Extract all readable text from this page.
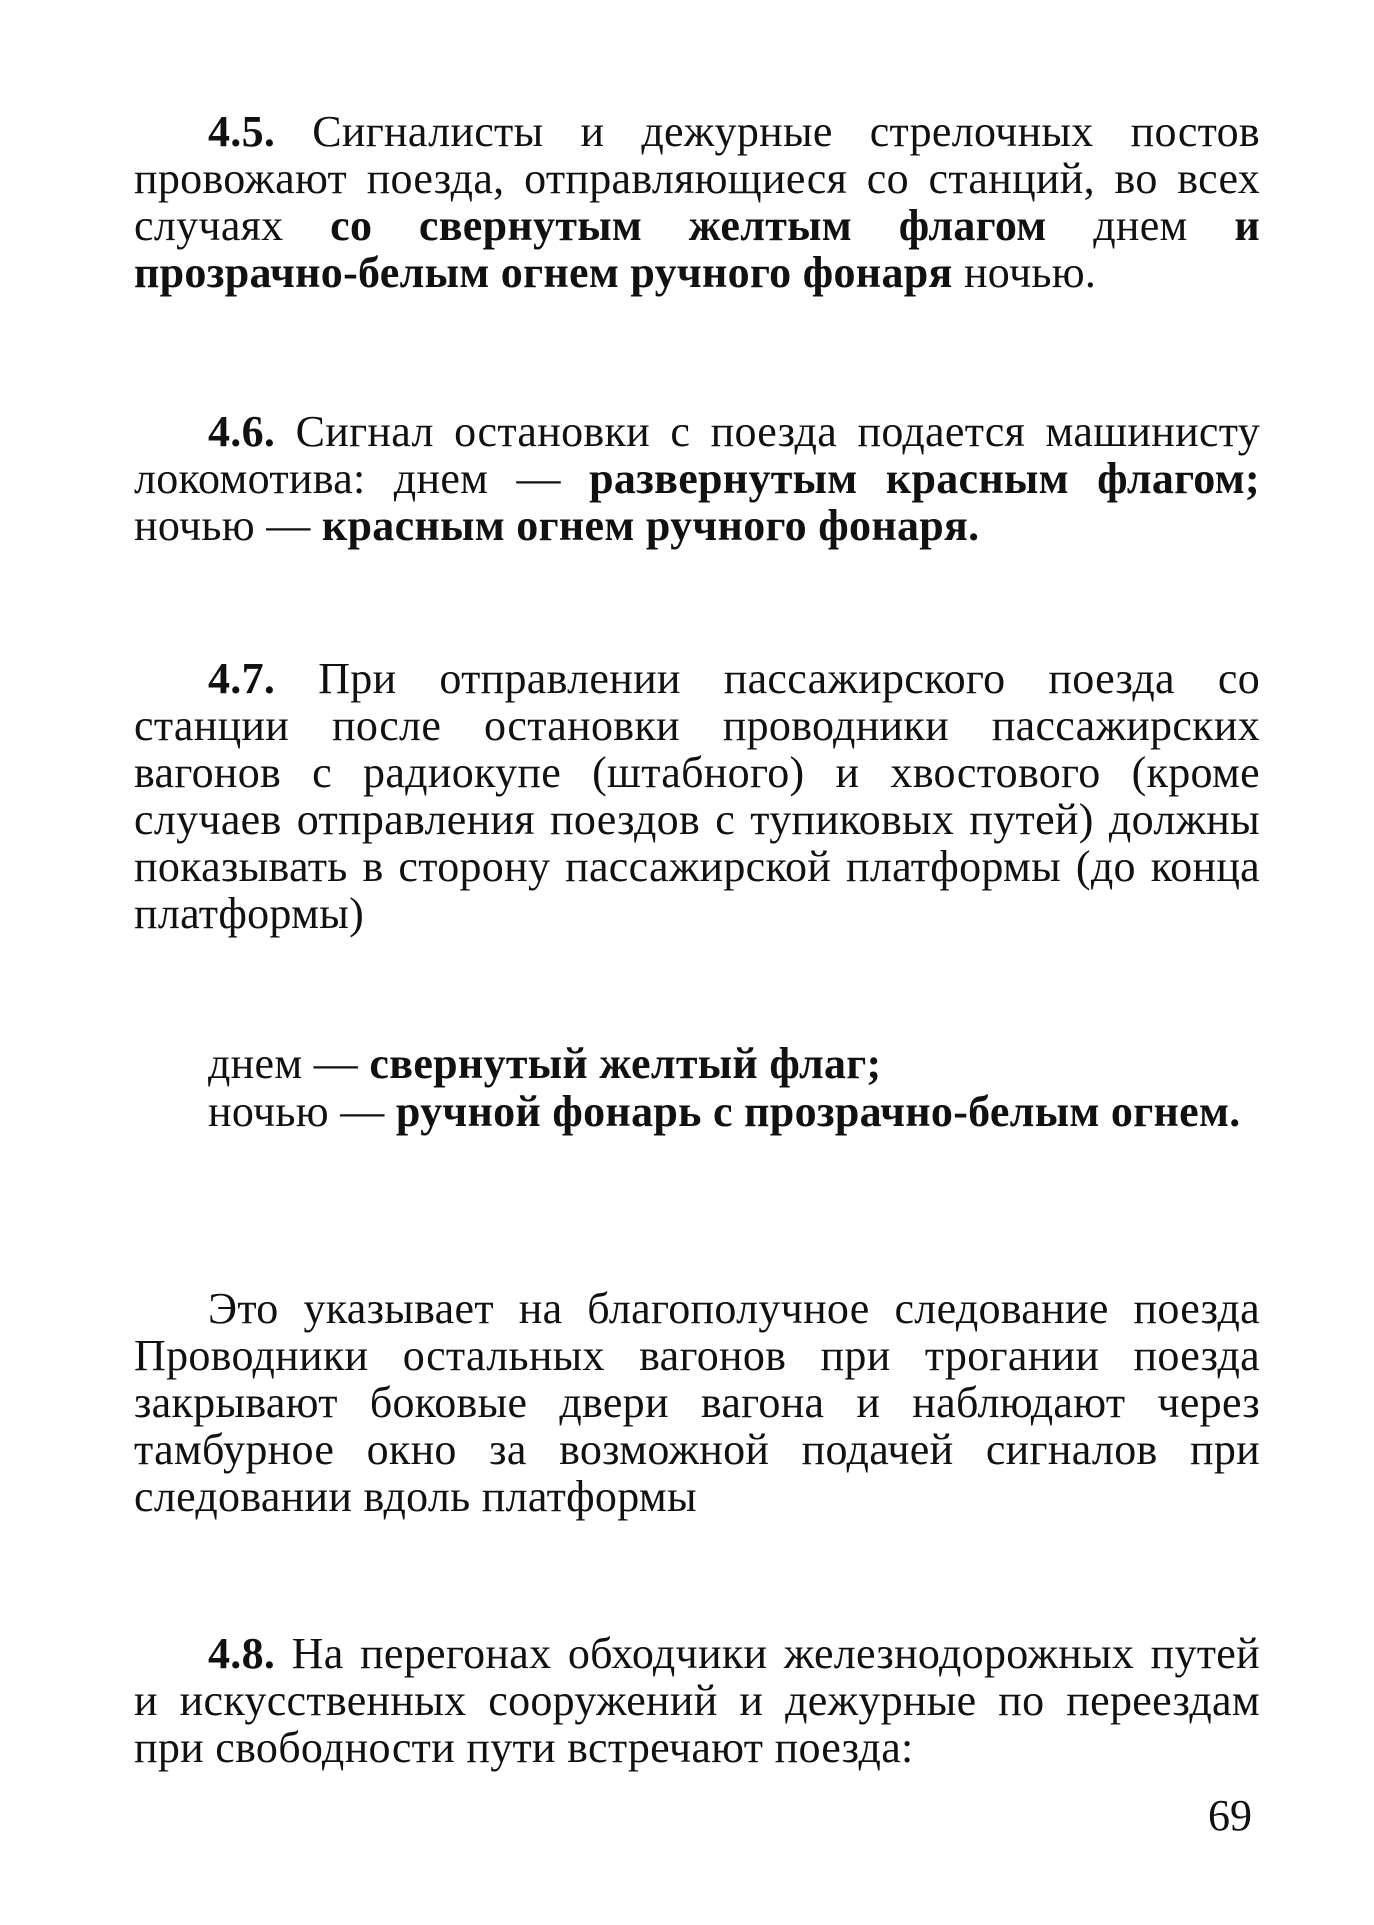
4.5. Сигналисты и дежурные стрелочных постов провожают поезда, отправляющиеся со станций, во всех случаях со свернутым желтым флагом днем и прозрачно-белым огнем ручного фонаря ночью.

4.6. Сигнал остановки с поезда подается машинисту локомотива: днем — развернутым красным флагом; ночью — красным огнем ручного фонаря.

4.7. При отправлении пассажирского поезда со станции после остановки проводники пассажирских вагонов с радиокупе (штабного) и хвостового (кроме случаев отправления поездов с тупиковых путей) должны показывать в сторону пассажирской платформы (до конца платформы)

днем — свернутый желтый флаг;

ночью — ручной фонарь с прозрачно-белым огнем.

Это указывает на благополучное следование поезда Проводники остальных вагонов при трогании поезда закрывают боковые двери вагона и наблюдают через тамбурное окно за возможной подачей сигналов при следовании вдоль платформы

4.8. На перегонах обходчики железнодорожных путей и искусственных сооружений и дежурные по переездам при свободности пути встречают поезда:

69
